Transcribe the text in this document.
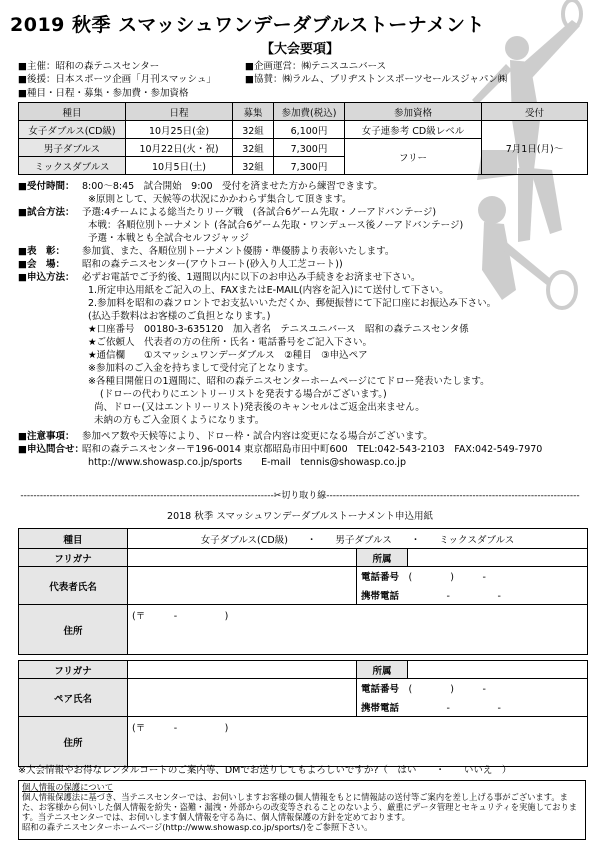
2019 秋季 スマッシュワンデーダブルストーナメント
【大会要項】
■主催：昭和の森テニスセンター	■企画運営：㈱テニスユニバース
■後援：日本スポーツ企画「月刊スマッシュ」	■協賛：㈱ラルム、ブリヂストンスポーツセールスジャパン㈱
■種目・日程・募集・参加費・参加資格
種目	日程	募集	参加費(税込)	参加資格	受付
女子ダブルス(CD級)	10月25日(金)	32組	6,100円	女子連参考 CD級レベル	7月1日(月)～
男子ダブルス	10月22日(火・祝)	32組	7,300円	フリー	
ミックスダブルス	10月5日(土)	32組	7,300円		
■受付時間： 8:00～8:45　試合開始　9:00　受付を済ませた方から練習できます。
※原則として、天候等の状況にかかわらず集合して頂きます。
■試合方法： 予選:4チームによる総当たりリーグ戦　(各試合6ゲーム先取・ノーアドバンテージ)
本戦：各順位別トーナメント (各試合6ゲーム先取・ワンデュース後ノーアドバンテージ)
予選・本戦とも全試合セルフジャッジ
■表　彰： 参加賞、また、各順位別トーナメント優勝・準優勝より表彰いたします。
■会　場： 昭和の森テニスセンター(アウトコート(砂入り人工芝コート))
■申込方法： 必ずお電話でご予約後、1週間以内に以下のお申込み手続きをお済ませ下さい。
1.所定申込用紙をご記入の上、FAXまたはE-MAIL(内容を記入)にて送付して下さい。
2.参加料を昭和の森フロントでお支払いいただくか、郵便振替にて下記口座にお振込み下さい。
(払込手数料はお客様のご負担となります。)
★口座番号　00180-3-635120　加入者名　テニスユニバース　昭和の森テニスセンタ係
★ご依頼人　代表者の方の住所・氏名・電話番号をご記入下さい。
★通信欄　　①スマッシュワンデーダブルス　②種目　③申込ペア
※参加料のご入金を持ちまして受付完了となります。
※各種目開催日の1週間に、昭和の森テニスセンターホームページにてドロー発表いたします。
(ドローの代わりにエントリーリストを発表する場合がございます。)
尚、ドロー(又はエントリーリスト)発表後のキャンセルはご返金出来ません。
未納の方もご入金頂くようになります。
■注意事項： 参加ペア数や天候等により、ドロー枠・試合内容は変更になる場合がございます。
■申込問合せ：昭和の森テニスセンター〒196-0014 東京都昭島市田中町600　TEL:042-543-2103　FAX:042-549-7970
http://www.showasp.co.jp/sports　　E-mail　tennis@showasp.co.jp
------------------------------------------------------------------------------✂切り取り線------------------------------------------------------------------------------
2018 秋季 スマッシュワンデーダブルストーナメント申込用紙
種目	女子ダブルス(CD級)　　・　　男子ダブルス　　・　　ミックスダブルス		
フリガナ		所属	
代表者氏名		電話番号　 (　　　　)　　　-	
		携帯電話　　　　　 -　　　　　-	
住所	(〒　　　-　　　　　)		

フリガナ		所属	
ペア氏名		電話番号　 (　　　　)　　　-	
		携帯電話　　　　　 -　　　　　-	
住所	(〒　　　-　　　　　)		
※大会情報やお得なレンタルコートのご案内等、DMでお送りしてもよろしいですか?（　はい　　・　　いいえ　）
個人情報の保護について
個人情報保護法に基づき、当テニスセンターでは、お伺いしますお客様の個人情報をもとに情報誌の送付等ご案内を差し上げる事がございます。また、お客様から伺いした個人情報を紛失・盗難・漏洩・外部からの改変等されることのないよう、厳重にデータ管理とセキュリティを実施しております。当テニスセンターでは、お伺いします個人情報を守る為に、個人情報保護の方針を定めております。
昭和の森テニスセンターホームページ(http://www.showasp.co.jp/sports/)をご参照下さい。
